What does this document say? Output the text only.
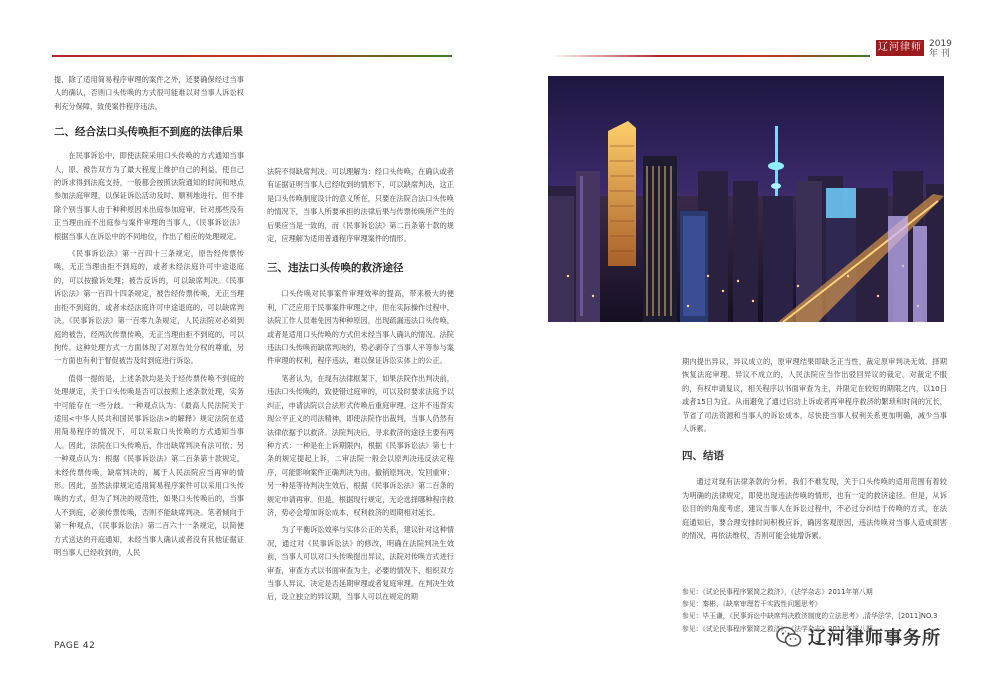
辽河律师 2019
年 刊

提，除了适用简易程序审理的案件之外，还要确保经过当事人的确认，否则口头传唤的方式很可能难以对当事人诉讼权利充分保障，致使案件程序违法。

二、经合法口头传唤拒不到庭的法律后果

在民事诉讼中，即使法院采用口头传唤的方式通知当事人，原、被告双方为了最大程度上维护自己的利益，使自己的诉求得到法庭支持，一般都会按照法院通知的时间和地点参加法庭审理，以保证诉讼活动及时、顺利地进行。但不排除个别当事人由于种种原因未出庭参加庭审，针对那些没有正当理由而不出庭参与案件审理的当事人，《民事诉讼法》根据当事人在诉讼中的不同地位，作出了相应的处理规定。

《民事诉讼法》第一百四十三条规定，原告经传票传唤，无正当理由拒不到庭的，或者未经法庭许可中途退庭的，可以按撤诉处理；被告反诉的，可以缺席判决。《民事诉讼法》第一百四十四条规定，被告经传票传唤，无正当理由拒不到庭的，或者未经法庭许可中途退庭的，可以缺席判决。《民事诉讼法》第一百零九条规定，人民法院对必须到庭的被告，经两次传票传唤，无正当理由拒不到庭的，可以拘传。这种处理方式一方面体现了对原告处分权的尊重，另一方面也有利于督促被告及时到庭进行诉讼。

值得一提的是，上述条款均是关于经传票传唤不到庭的处理规定，关于口头传唤是否可以按照上述条款处理，实务中可能存在一些分歧。一种观点认为：《最高人民法院关于适用<中华人民共和国民事诉讼法>的解释》规定法院在适用简易程序的情况下，可以采取口头传唤的方式通知当事人。因此，法院在口头传唤后，作出缺席判决有法可依；另一种观点认为：根据《民事诉讼法》第二百条第十款规定，未经传票传唤，缺席判决的，属于人民法院应当再审的情形。因此，虽然法律规定适用简易程序案件可以采用口头传唤的方式，但为了判决的规范性，如果口头传唤后的，当事人不到庭，必须传票传唤，否则不能缺席判决。笔者倾向于第一种观点，《民事诉讼法》第二百六十一条规定，以简便方式送达的开庭通知，未经当事人确认或者没有其他证据证明当事人已经收到的，人民

法院不得缺席判决。可以理解为：经口头传唤，在确认或者有证据证明当事人已经收到的情形下，可以缺席判决，这正是口头传唤制度设计的意义所在，只要在法院合法口头传唤的情况下，当事人所要承担的法律后果与传票传唤所产生的后果应当是一致的，而《民事诉讼法》第二百条第十款的规定，应理解为适用普通程序审理案件的情形。

三、违法口头传唤的救济途径

口头传唤对民事案件审理效率的提高，带来极大的便利，广泛应用于民事案件审理之中，但在实际操作过程中，法院工作人员难免因为种种原因，出现疏漏违法口头传唤，或者是适用口头传唤的方式但未经当事人确认的情况。法院违法口头传唤而缺席判决的，势必剥夺了当事人平等参与案件审理的权利，程序违法，难以保证诉讼实体上的公正。

笔者认为，在现有法律框架下，如果法院作出判决前，违法口头传唤的，致使错过庭审的，可以及时要求法庭予以纠正，申请法院以合法形式传唤后重庭审理。这并不违背实现公平正义的司法精神，即使法院作出裁判，当事人仍然有法律依据予以救济。法院判决后，寻求救济的途径主要有两种方式：一种是在上诉期限内，根据《民事诉讼法》第七十条的规定提起上诉，二审法院一般会以原判决违反法定程序，可能影响案件正确判决为由，撤销原判决，发回重审；另一种是等待判决生效后，根据《民事诉讼法》第二百条的规定申请再审。但是，根据现行规定，无论选择哪种程序救济，势必会增加诉讼成本，权利救济的周期相对延长。

为了平衡诉讼效率与实体公正的关系，建议针对这种情况，通过对《民事诉讼法》的修改，明确在法院判决生效前，当事人可以对口头传唤提出异议，法院对传唤方式进行审查，审查方式以书面审查为主，必要的情况下，组织双方当事人异议、决定是否延期审理或者复庭审理。在判决生效后，设立独立的异议期，当事人可以在规定的期

期内提出异议，异议成立的，原审理结果即缺乏正当性，裁定原审判决无效、择期恢复法庭审理。异议不成立的，人民法院应当作出驳回异议的裁定。对裁定不服的，有权申请复议，相关程序以书面审查为主，并限定在较短的期限之内，以10日或者15日为宜。从而避免了通过启动上诉或者再审程序救济的繁琐和时间的冗长，节省了司法资源和当事人的诉讼成本，尽快使当事人权利关系更加明确，减少当事人诉累。

四、结语

通过对现有法律条款的分析，我们不难发现，关于口头传唤的适用范围有着较为明确的法律规定，即使出现违法传唤的情形，也有一定的救济途径。但是，从诉讼目的的角度考虑，建议当事人在诉讼过程中，不必过分纠结于传唤的方式，在法庭通知后，要合理安排时间积极应诉，确因客观原因，违法传唤对当事人造成损害的情况，再依法维权，否则可能会徒增诉累。

参见：《试论民事程序繁简之救济》，《法学杂志》2011年第八期
参见：秦彬，《缺席审理若干实践性问题思考》
参见：毕玉谦，《民事诉讼中缺席判决救济制度的立法思考》,清华法学，[2011]NO.3
参见：《试论民事程序繁简之救济》，《法学杂志》2011年第八期
PAGE 42	辽河律师事务所
